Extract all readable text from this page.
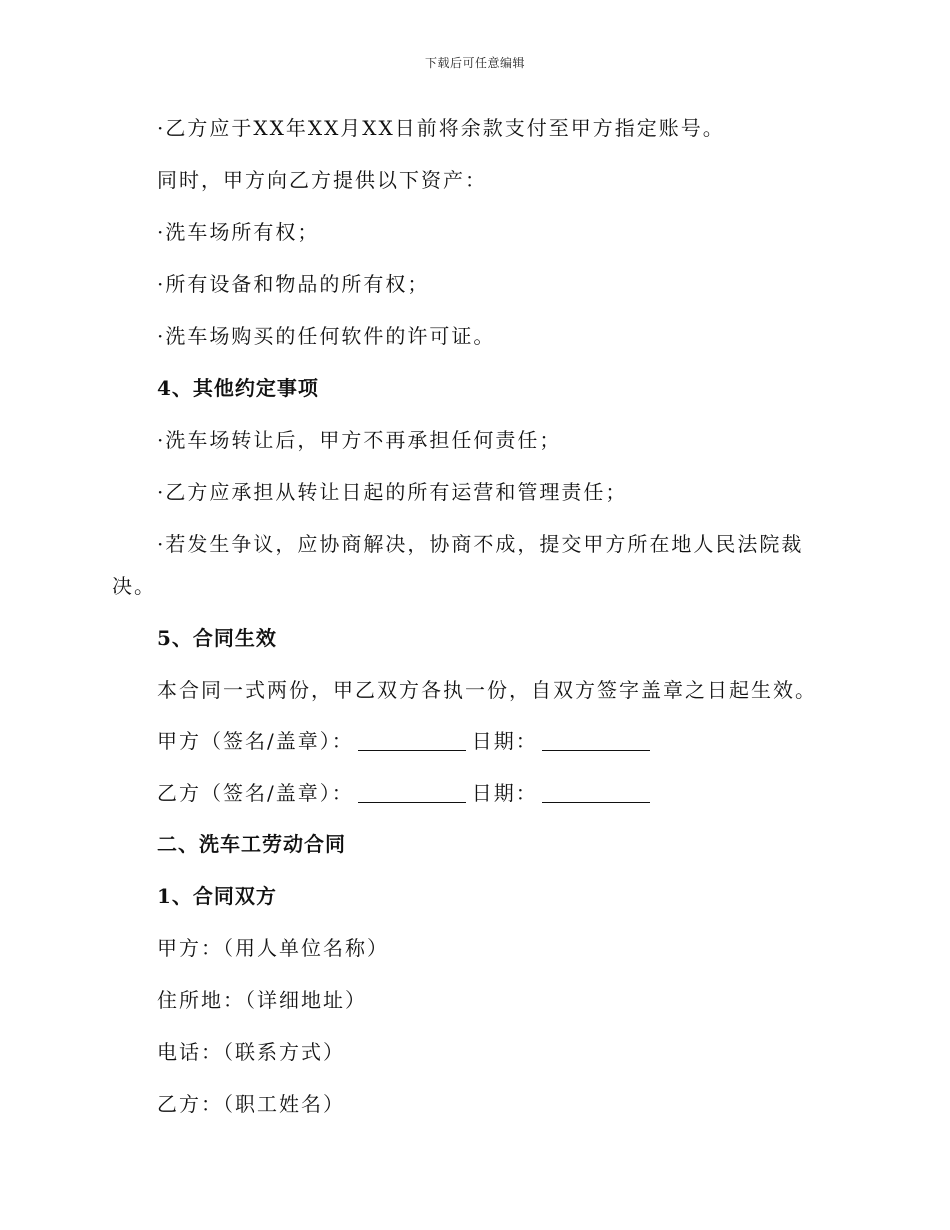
下载后可任意编辑
·乙方应于XX年XX月XX日前将余款支付至甲方指定账号。
同时，甲方向乙方提供以下资产：
·洗车场所有权；
·所有设备和物品的所有权；
·洗车场购买的任何软件的许可证。
4、其他约定事项
·洗车场转让后，甲方不再承担任何责任；
·乙方应承担从转让日起的所有运营和管理责任；
·若发生争议，应协商解决，协商不成，提交甲方所在地人民法院裁
决。
5、合同生效
本合同一式两份，甲乙双方各执一份，自双方签字盖章之日起生效。
甲方（签名/盖章）：	日期：
乙方（签名/盖章）：	日期：
二、洗车工劳动合同
1、合同双方
甲方：（用人单位名称）
住所地：（详细地址）
电话：（联系方式）
乙方：（职工姓名）
